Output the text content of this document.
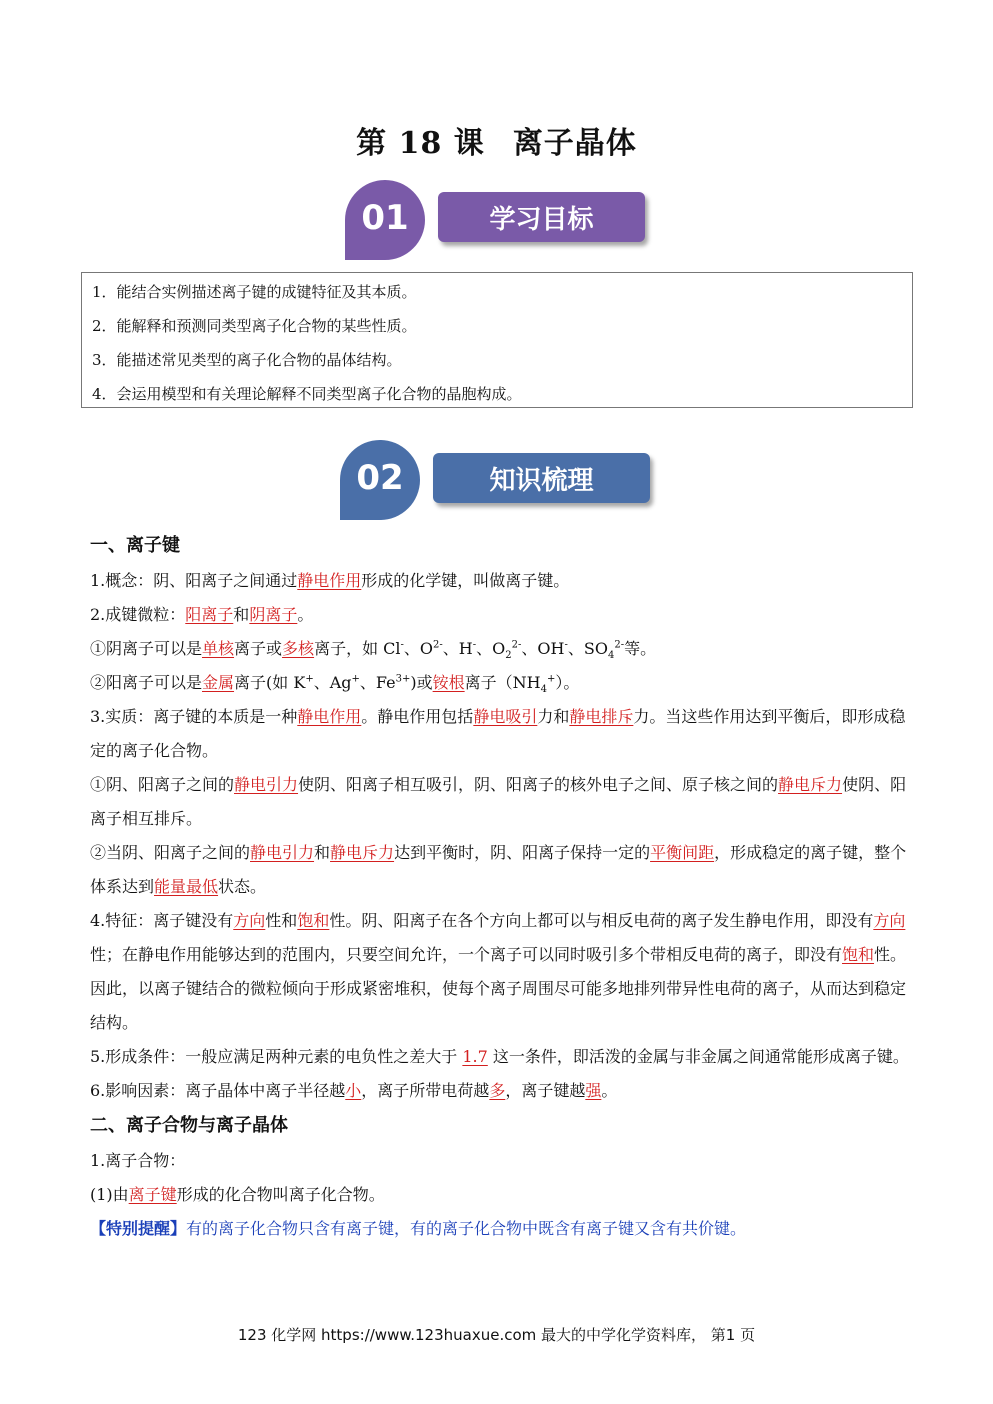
第 18 课 离子晶体
01	学习目标
1．能结合实例描述离子键的成键特征及其本质。
2．能解释和预测同类型离子化合物的某些性质。
3．能描述常见类型的离子化合物的晶体结构。
4．会运用模型和有关理论解释不同类型离子化合物的晶胞构成。
02	知识梳理
一、离子键
1.概念：阴、阳离子之间通过静电作用形成的化学键，叫做离子键。
2.成键微粒：阳离子和阴离子。
①阴离子可以是单核离子或多核离子，如 Cl-、$O^{2-}$、H-、$O_2^{2-}$、OH-、$SO_4^{2-}$等。
②阳离子可以是金属离子(如 K+、Ag+、$Fe^{3+}$)或铵根离子$(NH_4^+)$。
3.实质：离子键的本质是一种静电作用。静电作用包括静电吸引力和静电排斥力。当这些作用达到平衡后，即形成稳定的离子化合物。
①阴、阳离子之间的静电引力使阴、阳离子相互吸引，阴、阳离子的核外电子之间、原子核之间的静电斥力使阴、阳离子相互排斥。
②当阴、阳离子之间的静电引力和静电斥力达到平衡时，阴、阳离子保持一定的平衡间距，形成稳定的离子键，整个体系达到能量最低状态。
4.特征：离子键没有方向性和饱和性。阴、阳离子在各个方向上都可以与相反电荷的离子发生静电作用，即没有方向性；在静电作用能够达到的范围内，只要空间允许，一个离子可以同时吸引多个带相反电荷的离子，即没有饱和性。因此，以离子键结合的微粒倾向于形成紧密堆积，使每个离子周围尽可能多地排列带异性电荷的离子，从而达到稳定结构。
5.形成条件：一般应满足两种元素的电负性之差大于 1.7 这一条件，即活泼的金属与非金属之间通常能形成离子键。
6.影响因素：离子晶体中离子半径越小，离子所带电荷越多，离子键越强。
二、离子合物与离子晶体
1.离子合物：
(1)由离子键形成的化合物叫离子化合物。
【特别提醒】有的离子化合物只含有离子键，有的离子化合物中既含有离子键又含有共价键。
123 化学网 https://www.123huaxue.com 最大的中学化学资料库， 第1 页
